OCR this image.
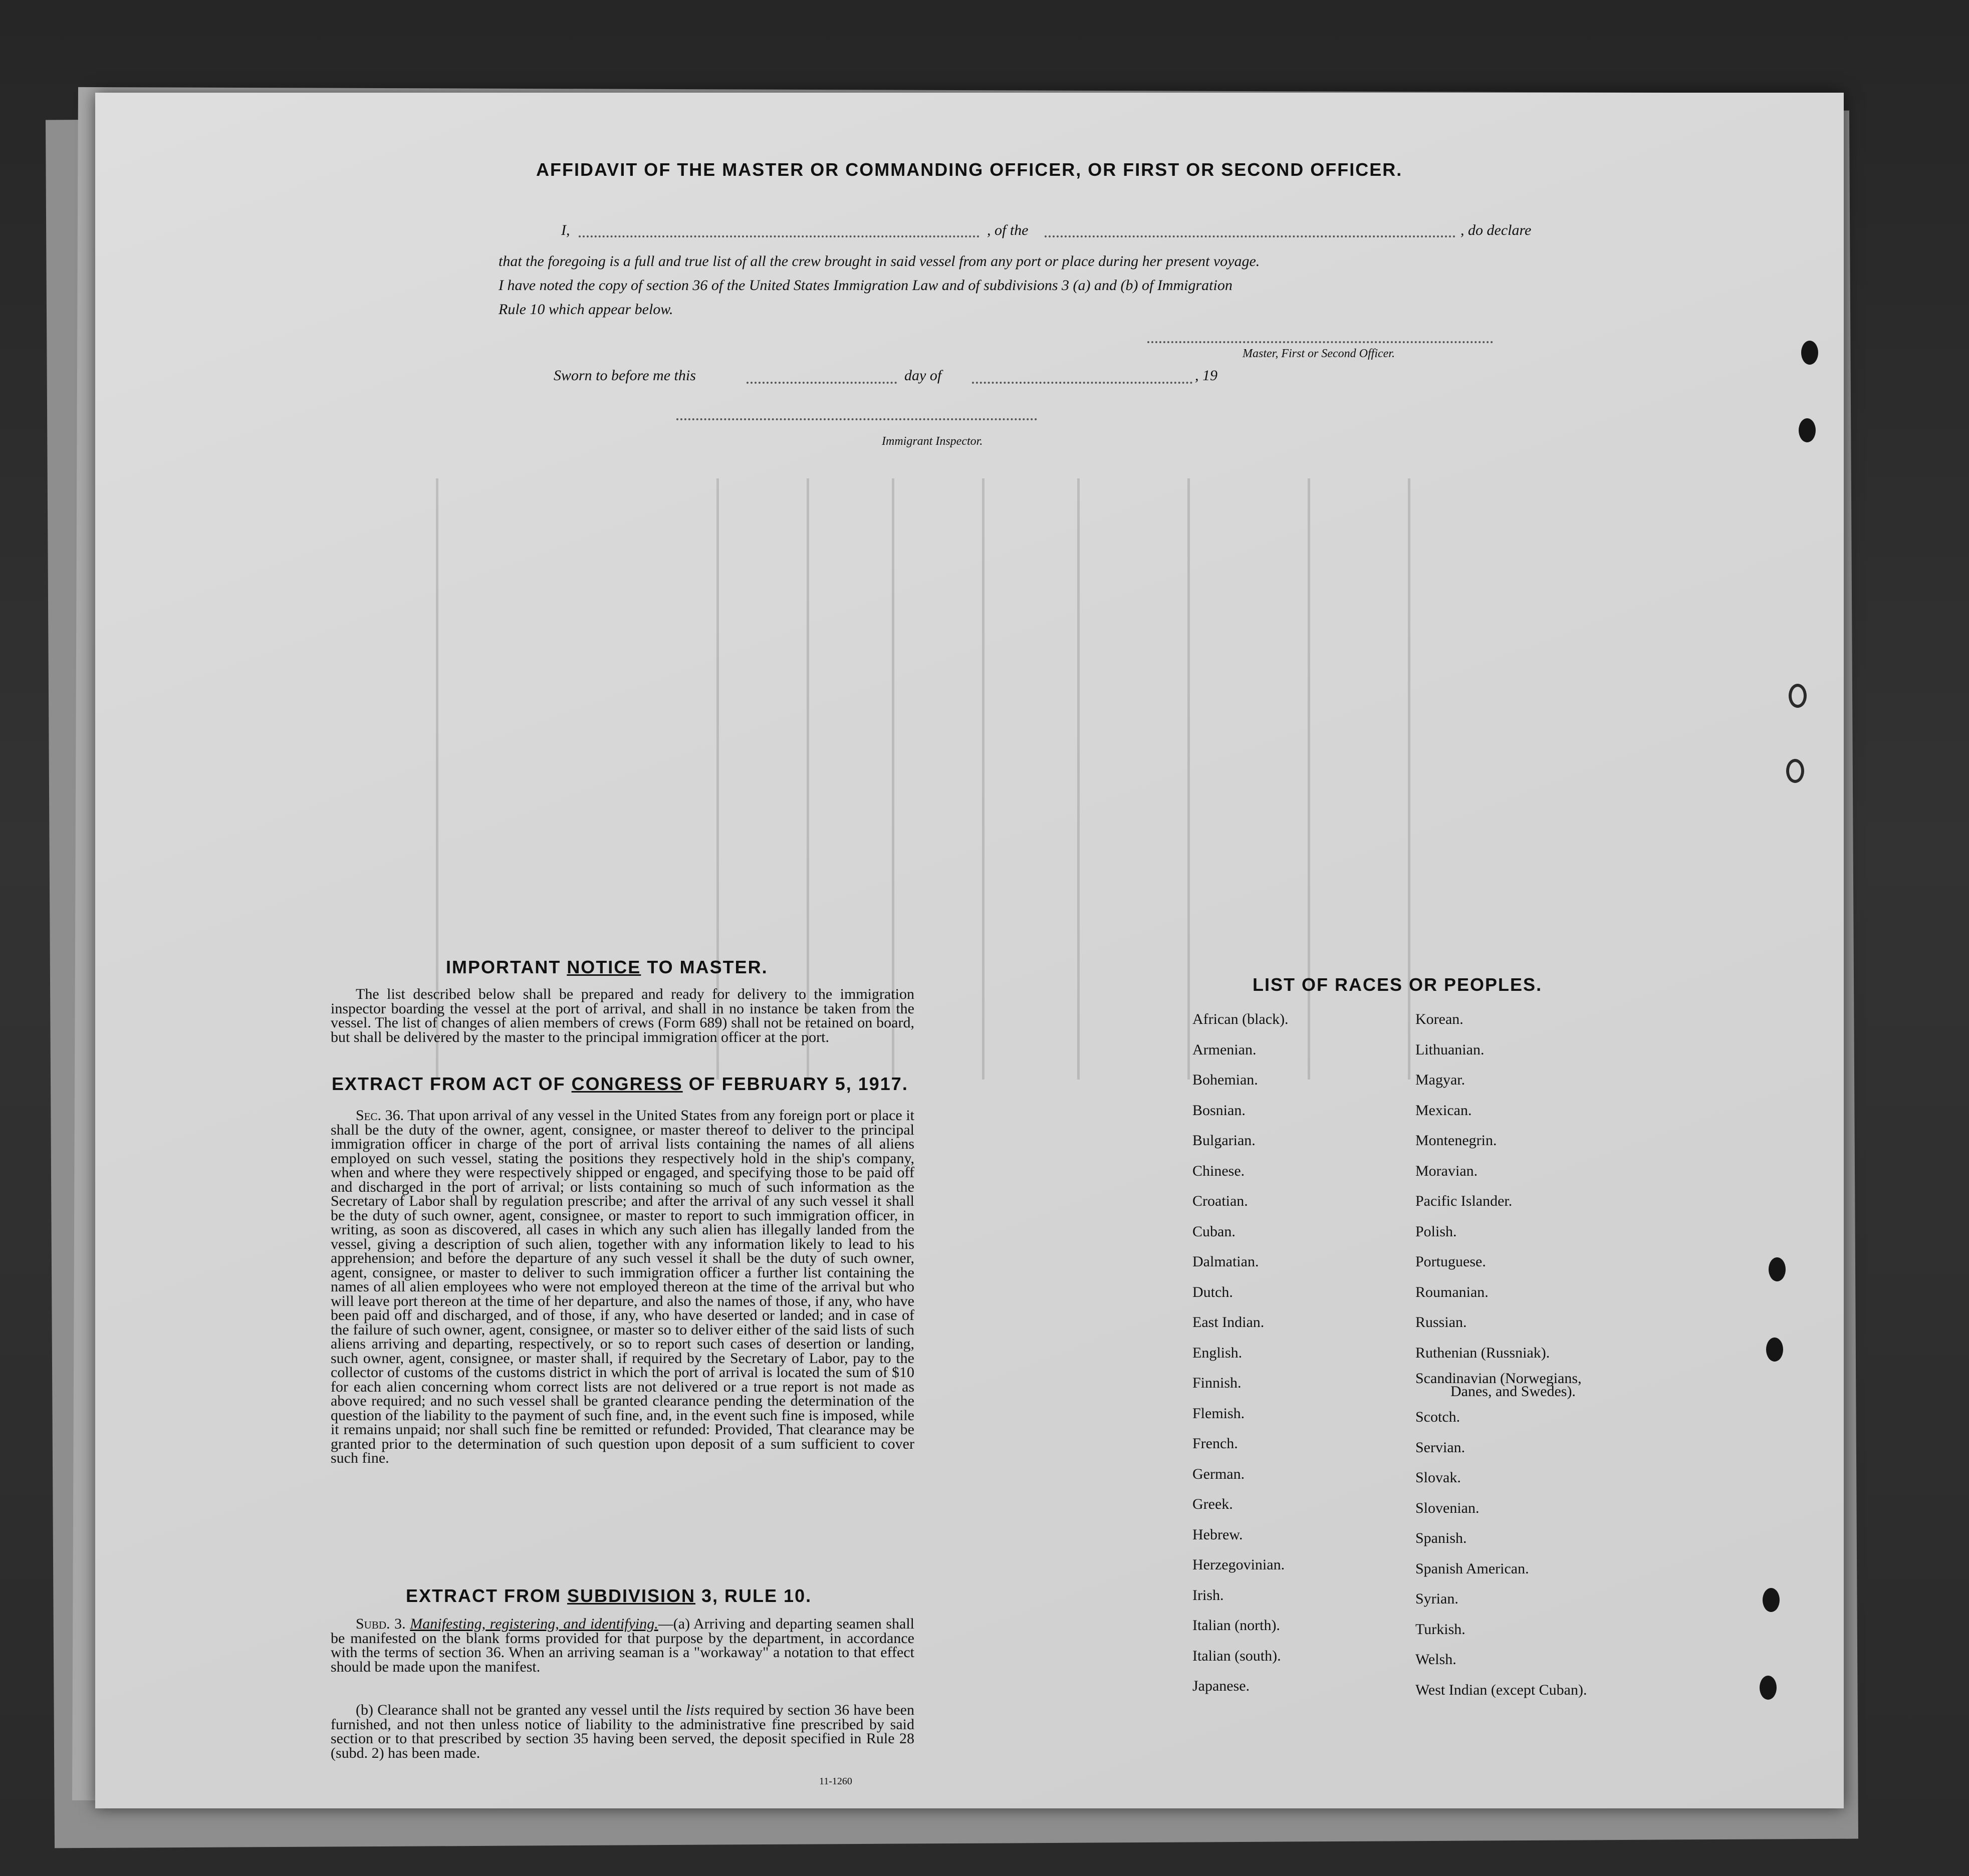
AFFIDAVIT OF THE MASTER OR COMMANDING OFFICER, OR FIRST OR SECOND OFFICER.
I,	, of the	, do declare
that the foregoing is a full and true list of all the crew brought in said vessel from any port or place during her present voyage.
I have noted the copy of section 36 of the United States Immigration Law and of subdivisions 3 (a) and (b) of Immigration
Rule 10 which appear below.
Master, First or Second Officer.
Sworn to before me this	day of	, 19
Immigrant Inspector.
IMPORTANT NOTICE TO MASTER.
The list described below shall be prepared and ready for delivery to the immigration inspector boarding the vessel at the port of arrival, and shall in no instance be taken from the vessel. The list of changes of alien members of crews (Form 689) shall not be retained on board, but shall be delivered by the master to the principal immigration officer at the port.
EXTRACT FROM ACT OF CONGRESS OF FEBRUARY 5, 1917.
Sec. 36. That upon arrival of any vessel in the United States from any foreign port or place it shall be the duty of the owner, agent, consignee, or master thereof to deliver to the principal immigration officer in charge of the port of arrival lists containing the names of all aliens employed on such vessel, stating the positions they respectively hold in the ship's company, when and where they were respectively shipped or engaged, and specifying those to be paid off and discharged in the port of arrival; or lists containing so much of such information as the Secretary of Labor shall by regulation prescribe; and after the arrival of any such vessel it shall be the duty of such owner, agent, consignee, or master to report to such immigration officer, in writing, as soon as discovered, all cases in which any such alien has illegally landed from the vessel, giving a description of such alien, together with any information likely to lead to his apprehension; and before the departure of any such vessel it shall be the duty of such owner, agent, consignee, or master to deliver to such immigration officer a further list containing the names of all alien employees who were not employed thereon at the time of the arrival but who will leave port thereon at the time of her departure, and also the names of those, if any, who have been paid off and discharged, and of those, if any, who have deserted or landed; and in case of the failure of such owner, agent, consignee, or master so to deliver either of the said lists of such aliens arriving and departing, respectively, or so to report such cases of desertion or landing, such owner, agent, consignee, or master shall, if required by the Secretary of Labor, pay to the collector of customs of the customs district in which the port of arrival is located the sum of $10 for each alien concerning whom correct lists are not delivered or a true report is not made as above required; and no such vessel shall be granted clearance pending the determination of the question of the liability to the payment of such fine, and, in the event such fine is imposed, while it remains unpaid; nor shall such fine be remitted or refunded: Provided, That clearance may be granted prior to the determination of such question upon deposit of a sum sufficient to cover such fine.
EXTRACT FROM SUBDIVISION 3, RULE 10.
Subd. 3. Manifesting, registering, and identifying.—(a) Arriving and departing seamen shall be manifested on the blank forms provided for that purpose by the department, in accordance with the terms of section 36. When an arriving seaman is a "workaway" a notation to that effect should be made upon the manifest.
(b) Clearance shall not be granted any vessel until the lists required by section 36 have been furnished, and not then unless notice of liability to the administrative fine prescribed by said section or to that prescribed by section 35 having been served, the deposit specified in Rule 28 (subd. 2) has been made.
11-1260
LIST OF RACES OR PEOPLES.
African (black).
Armenian.
Bohemian.
Bosnian.
Bulgarian.
Chinese.
Croatian.
Cuban.
Dalmatian.
Dutch.
East Indian.
English.
Finnish.
Flemish.
French.
German.
Greek.
Hebrew.
Herzegovinian.
Irish.
Italian (north).
Italian (south).
Japanese.
Korean.
Lithuanian.
Magyar.
Mexican.
Montenegrin.
Moravian.
Pacific Islander.
Polish.
Portuguese.
Roumanian.
Russian.
Ruthenian (Russniak).
Scandinavian (Norwegians,
Danes, and Swedes).
Scotch.
Servian.
Slovak.
Slovenian.
Spanish.
Spanish American.
Syrian.
Turkish.
Welsh.
West Indian (except Cuban).
